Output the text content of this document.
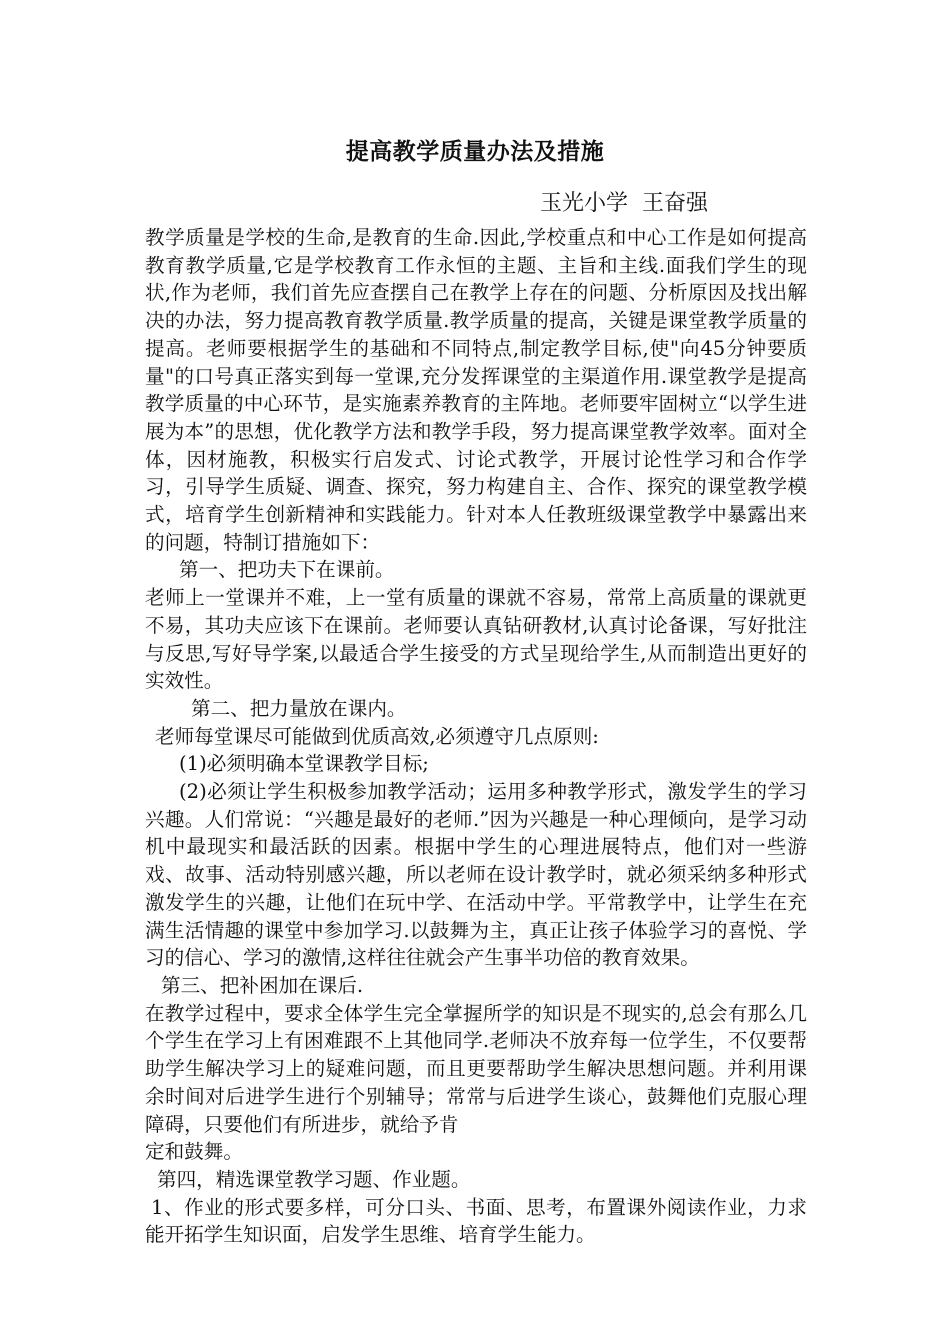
提高教学质量办法及措施

玉光小学  王奋强

教学质量是学校的生命,是教育的生命.因此,学校重点和中心工作是如何提高教育教学质量,它是学校教育工作永恒的主题、主旨和主线.面我们学生的现状,作为老师，我们首先应查摆自己在教学上存在的问题、分析原因及找出解决的办法，努力提高教育教学质量.教学质量的提高，关键是课堂教学质量的提高。老师要根据学生的基础和不同特点,制定教学目标,使"向45分钟要质量"的口号真正落实到每一堂课,充分发挥课堂的主渠道作用.课堂教学是提高教学质量的中心环节，是实施素养教育的主阵地。老师要牢固树立“以学生进展为本”的思想，优化教学方法和教学手段，努力提高课堂教学效率。面对全体，因材施教，积极实行启发式、讨论式教学，开展讨论性学习和合作学习，引导学生质疑、调查、探究，努力构建自主、合作、探究的课堂教学模式，培育学生创新精神和实践能力。针对本人任教班级课堂教学中暴露出来的问题，特制订措施如下：

第一、把功夫下在课前。

老师上一堂课并不难，上一堂有质量的课就不容易，常常上高质量的课就更不易，其功夫应该下在课前。老师要认真钻研教材,认真讨论备课，写好批注与反思,写好导学案,以最适合学生接受的方式呈现给学生,从而制造出更好的实效性。

第二、把力量放在课内。

老师每堂课尽可能做到优质高效,必须遵守几点原则:

(1)必须明确本堂课教学目标;

(2)必须让学生积极参加教学活动；运用多种教学形式，激发学生的学习兴趣。人们常说：“兴趣是最好的老师.”因为兴趣是一种心理倾向，是学习动机中最现实和最活跃的因素。根据中学生的心理进展特点，他们对一些游戏、故事、活动特别感兴趣，所以老师在设计教学时，就必须采纳多种形式激发学生的兴趣，让他们在玩中学、在活动中学。平常教学中，让学生在充满生活情趣的课堂中参加学习.以鼓舞为主，真正让孩子体验学习的喜悦、学习的信心、学习的激情,这样往往就会产生事半功倍的教育效果。

第三、把补困加在课后.

在教学过程中，要求全体学生完全掌握所学的知识是不现实的,总会有那么几个学生在学习上有困难跟不上其他同学.老师决不放弃每一位学生，不仅要帮助学生解决学习上的疑难问题，而且更要帮助学生解决思想问题。并利用课余时间对后进学生进行个别辅导；常常与后进学生谈心，鼓舞他们克服心理障碍，只要他们有所进步，就给予肯

定和鼓舞。

第四，精选课堂教学习题、作业题。

1、作业的形式要多样，可分口头、书面、思考，布置课外阅读作业，力求能开拓学生知识面，启发学生思维、培育学生能力。
